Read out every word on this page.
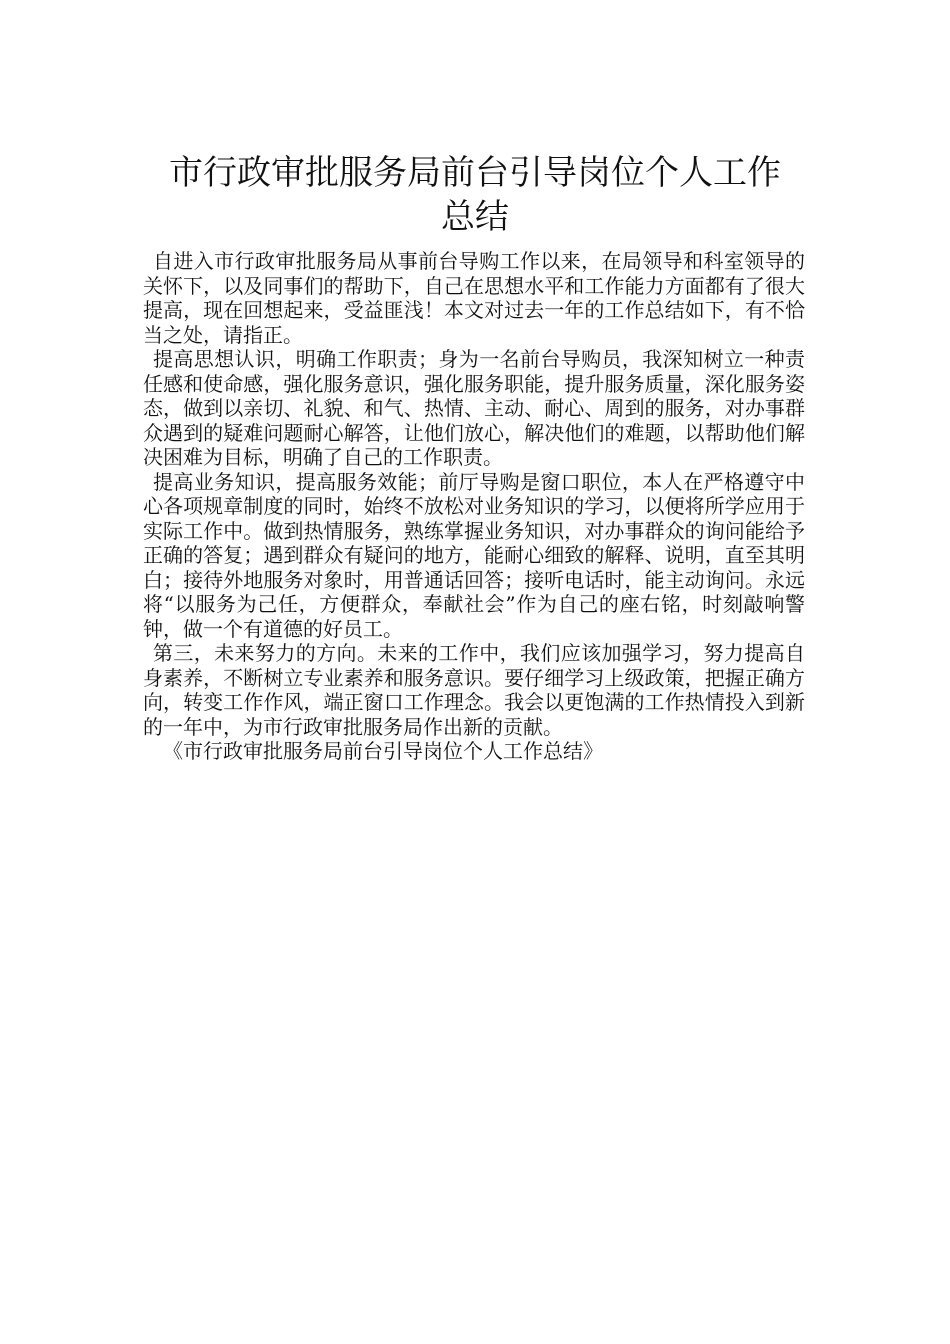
市行政审批服务局前台引导岗位个人工作
总结

自进入市行政审批服务局从事前台导购工作以来，在局领导和科室领导的关怀下，以及同事们的帮助下，自己在思想水平和工作能力方面都有了很大提高，现在回想起来，受益匪浅！本文对过去一年的工作总结如下，有不恰当之处，请指正。

提高思想认识，明确工作职责；身为一名前台导购员，我深知树立一种责任感和使命感，强化服务意识，强化服务职能，提升服务质量，深化服务姿态，做到以亲切、礼貌、和气、热情、主动、耐心、周到的服务，对办事群众遇到的疑难问题耐心解答，让他们放心，解决他们的难题，以帮助他们解决困难为目标，明确了自己的工作职责。

提高业务知识，提高服务效能；前厅导购是窗口职位，本人在严格遵守中心各项规章制度的同时，始终不放松对业务知识的学习，以便将所学应用于实际工作中。做到热情服务，熟练掌握业务知识，对办事群众的询问能给予正确的答复；遇到群众有疑问的地方，能耐心细致的解释、说明，直至其明白；接待外地服务对象时，用普通话回答；接听电话时，能主动询问。永远将“以服务为己任，方便群众，奉献社会”作为自己的座右铭，时刻敲响警钟，做一个有道德的好员工。

第三，未来努力的方向。未来的工作中，我们应该加强学习，努力提高自身素养，不断树立专业素养和服务意识。要仔细学习上级政策，把握正确方向，转变工作作风，端正窗口工作理念。我会以更饱满的工作热情投入到新的一年中，为市行政审批服务局作出新的贡献。

《市行政审批服务局前台引导岗位个人工作总结》
